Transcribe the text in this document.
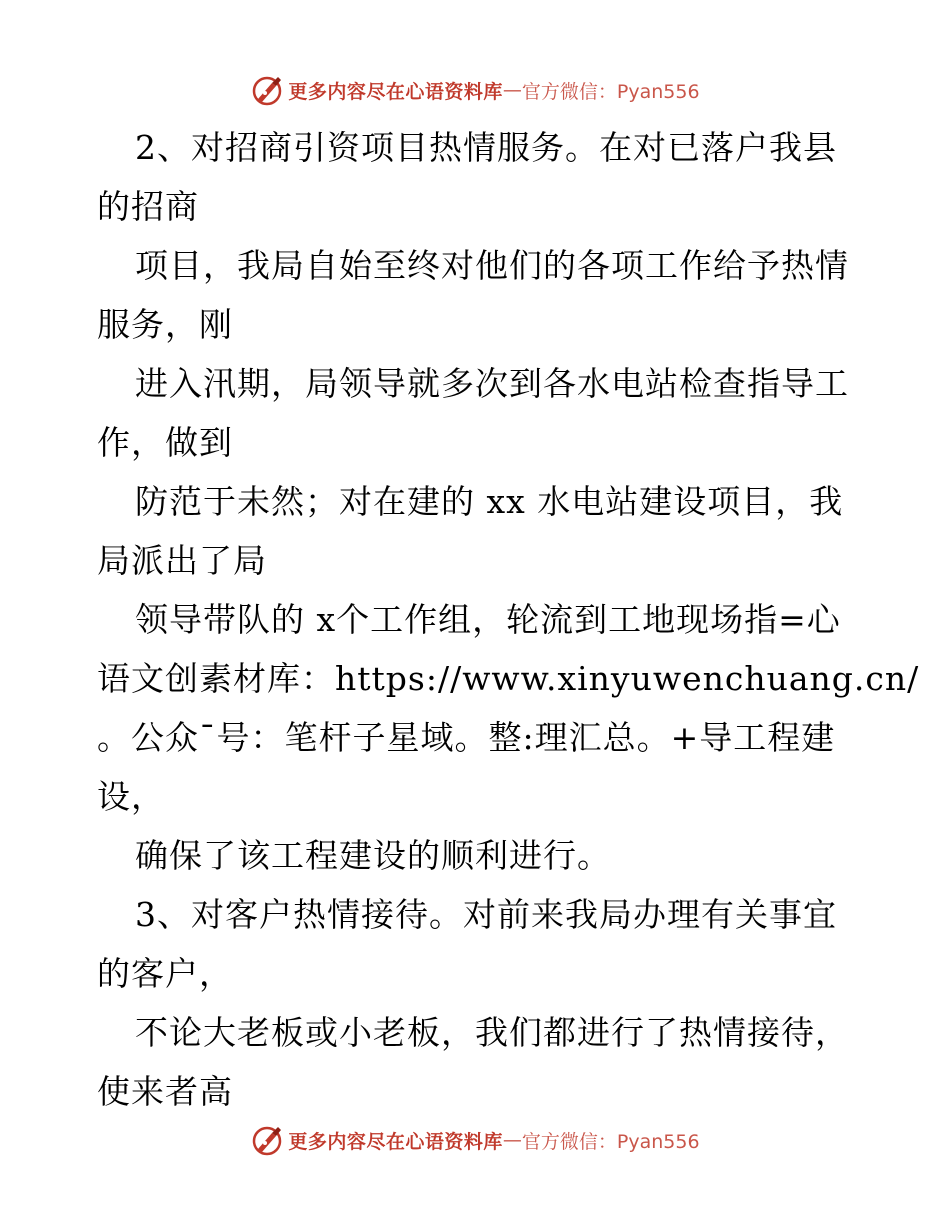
更多内容尽在心语资料库 — 官方微信：Pyan556
2、对招商引资项目热情服务。在对已落户我县
的招商
项目，我局自始至终对他们的各项工作给予热情
服务，刚
进入汛期，局领导就多次到各水电站检查指导工
作，做到
防范于未然；对在建的 xx 水电站建设项目，我
局派出了局
领导带队的 x个工作组，轮流到工地现场指=心
语文创素材库：https://www.xinyuwenchuang.cn/
。公众¯号：笔杆子星域。整:理汇总。+导工程建
设，
确保了该工程建设的顺利进行。
3、对客户热情接待。对前来我局办理有关事宜
的客户，
不论大老板或小老板，我们都进行了热情接待，
使来者高
更多内容尽在心语资料库 — 官方微信：Pyan556
